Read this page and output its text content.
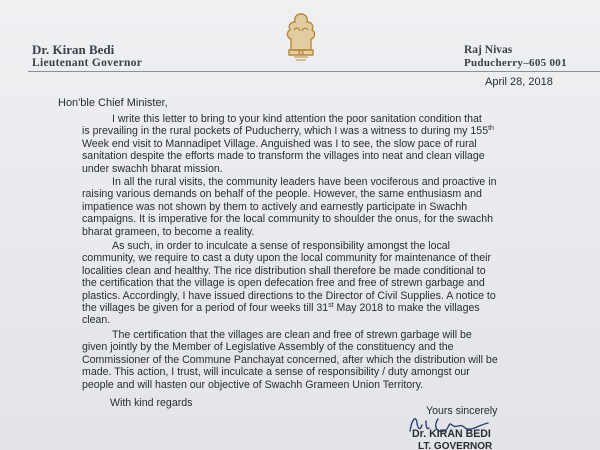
Dr. Kiran Bedi
Lieutenant Governor
Raj Nivas
Puducherry–605 001
April 28, 2018
Hon'ble Chief Minister,

I write this letter to bring to your kind attention the poor sanitation condition that
is prevailing in the rural pockets of Puducherry, which I was a witness to during my 155th
Week end visit to Mannadipet Village. Anguished was I to see, the slow pace of rural
sanitation despite the efforts made to transform the villages into neat and clean village
under swachh bharat mission.

In all the rural visits, the community leaders have been vociferous and proactive in
raising various demands on behalf of the people. However, the same enthusiasm and
impatience was not shown by them to actively and earnestly participate in Swachh
campaigns. It is imperative for the local community to shoulder the onus, for the swachh
bharat grameen, to become a reality.

As such, in order to inculcate a sense of responsibility amongst the local
community, we require to cast a duty upon the local community for maintenance of their
localities clean and healthy. The rice distribution shall therefore be made conditional to
the certification that the village is open defecation free and free of strewn garbage and
plastics. Accordingly, I have issued directions to the Director of Civil Supplies. A notice to
the villages be given for a period of four weeks till 31st May 2018 to make the villages
clean.

The certification that the villages are clean and free of strewn garbage will be
given jointly by the Member of Legislative Assembly of the constituency and the
Commissioner of the Commune Panchayat concerned, after which the distribution will be
made. This action, I trust, will inculcate a sense of responsibility / duty amongst our
people and will hasten our objective of Swachh Grameen Union Territory.

With kind regards
Yours sincerely
Dr. KIRAN BEDI
LT. GOVERNOR
